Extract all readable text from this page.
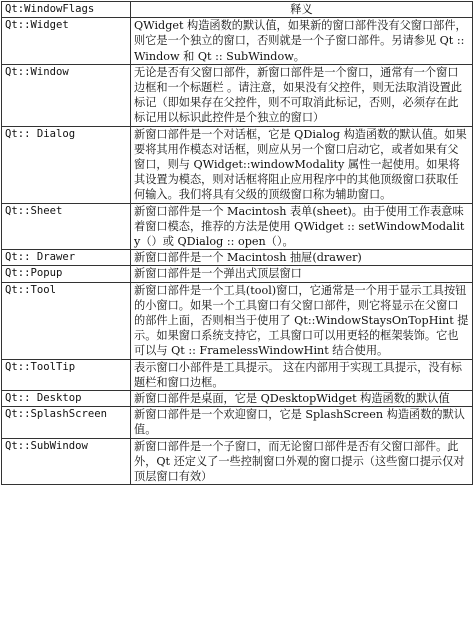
Qt:WindowFlags	释义
Qt::Widget	QWidget 构造函数的默认值，如果新的窗口部件没有父窗口部件，则它是一个独立的窗口，否则就是一个子窗口部件。另请参见 Qt :: Window 和 Qt :: SubWindow。
Qt::Window	无论是否有父窗口部件，新窗口部件是一个窗口，通常有一个窗口边框和一个标题栏 。请注意，如果没有父控件，则无法取消设置此标记（即如果存在父控件，则不可取消此标记，否则，必须存在此标记用以标识此控件是个独立的窗口）
Qt:: Dialog	新窗口部件是一个对话框，它是 QDialog 构造函数的默认值。如果要将其用作模态对话框，则应从另一个窗口启动它，或者如果有父窗口，则与 QWidget::windowModality 属性一起使用。如果将其设置为模态，则对话框将阻止应用程序中的其他顶级窗口获取任何输入。我们将具有父级的顶级窗口称为辅助窗口。
Qt::Sheet	新窗口部件是一个 Macintosh 表单(sheet)。由于使用工作表意味着窗口模态，推荐的方法是使用 QWidget :: setWindowModality（）或 QDialog :: open（）。
Qt:: Drawer	新窗口部件是一个 Macintosh 抽屉(drawer)
Qt::Popup	新窗口部件是一个弹出式顶层窗口
Qt::Tool	新窗口部件是一个工具(tool)窗口，它通常是一个用于显示工具按钮的小窗口。如果一个工具窗口有父窗口部件，则它将显示在父窗口的部件上面，否则相当于使用了 Qt::WindowStaysOnTopHint 提示。如果窗口系统支持它，工具窗口可以用更轻的框架装饰。它也可以与 Qt :: FramelessWindowHint 结合使用。
Qt::ToolTip	表示窗口小部件是工具提示。 这在内部用于实现工具提示，没有标题栏和窗口边框。
Qt:: Desktop	新窗口部件是桌面，它是 QDesktopWidget 构造函数的默认值
Qt::SplashScreen	新窗口部件是一个欢迎窗口，它是 SplashScreen 构造函数的默认值。
Qt::SubWindow	新窗口部件是一个子窗口，而无论窗口部件是否有父窗口部件。此外，Qt 还定义了一些控制窗口外观的窗口提示（这些窗口提示仅对顶层窗口有效）
